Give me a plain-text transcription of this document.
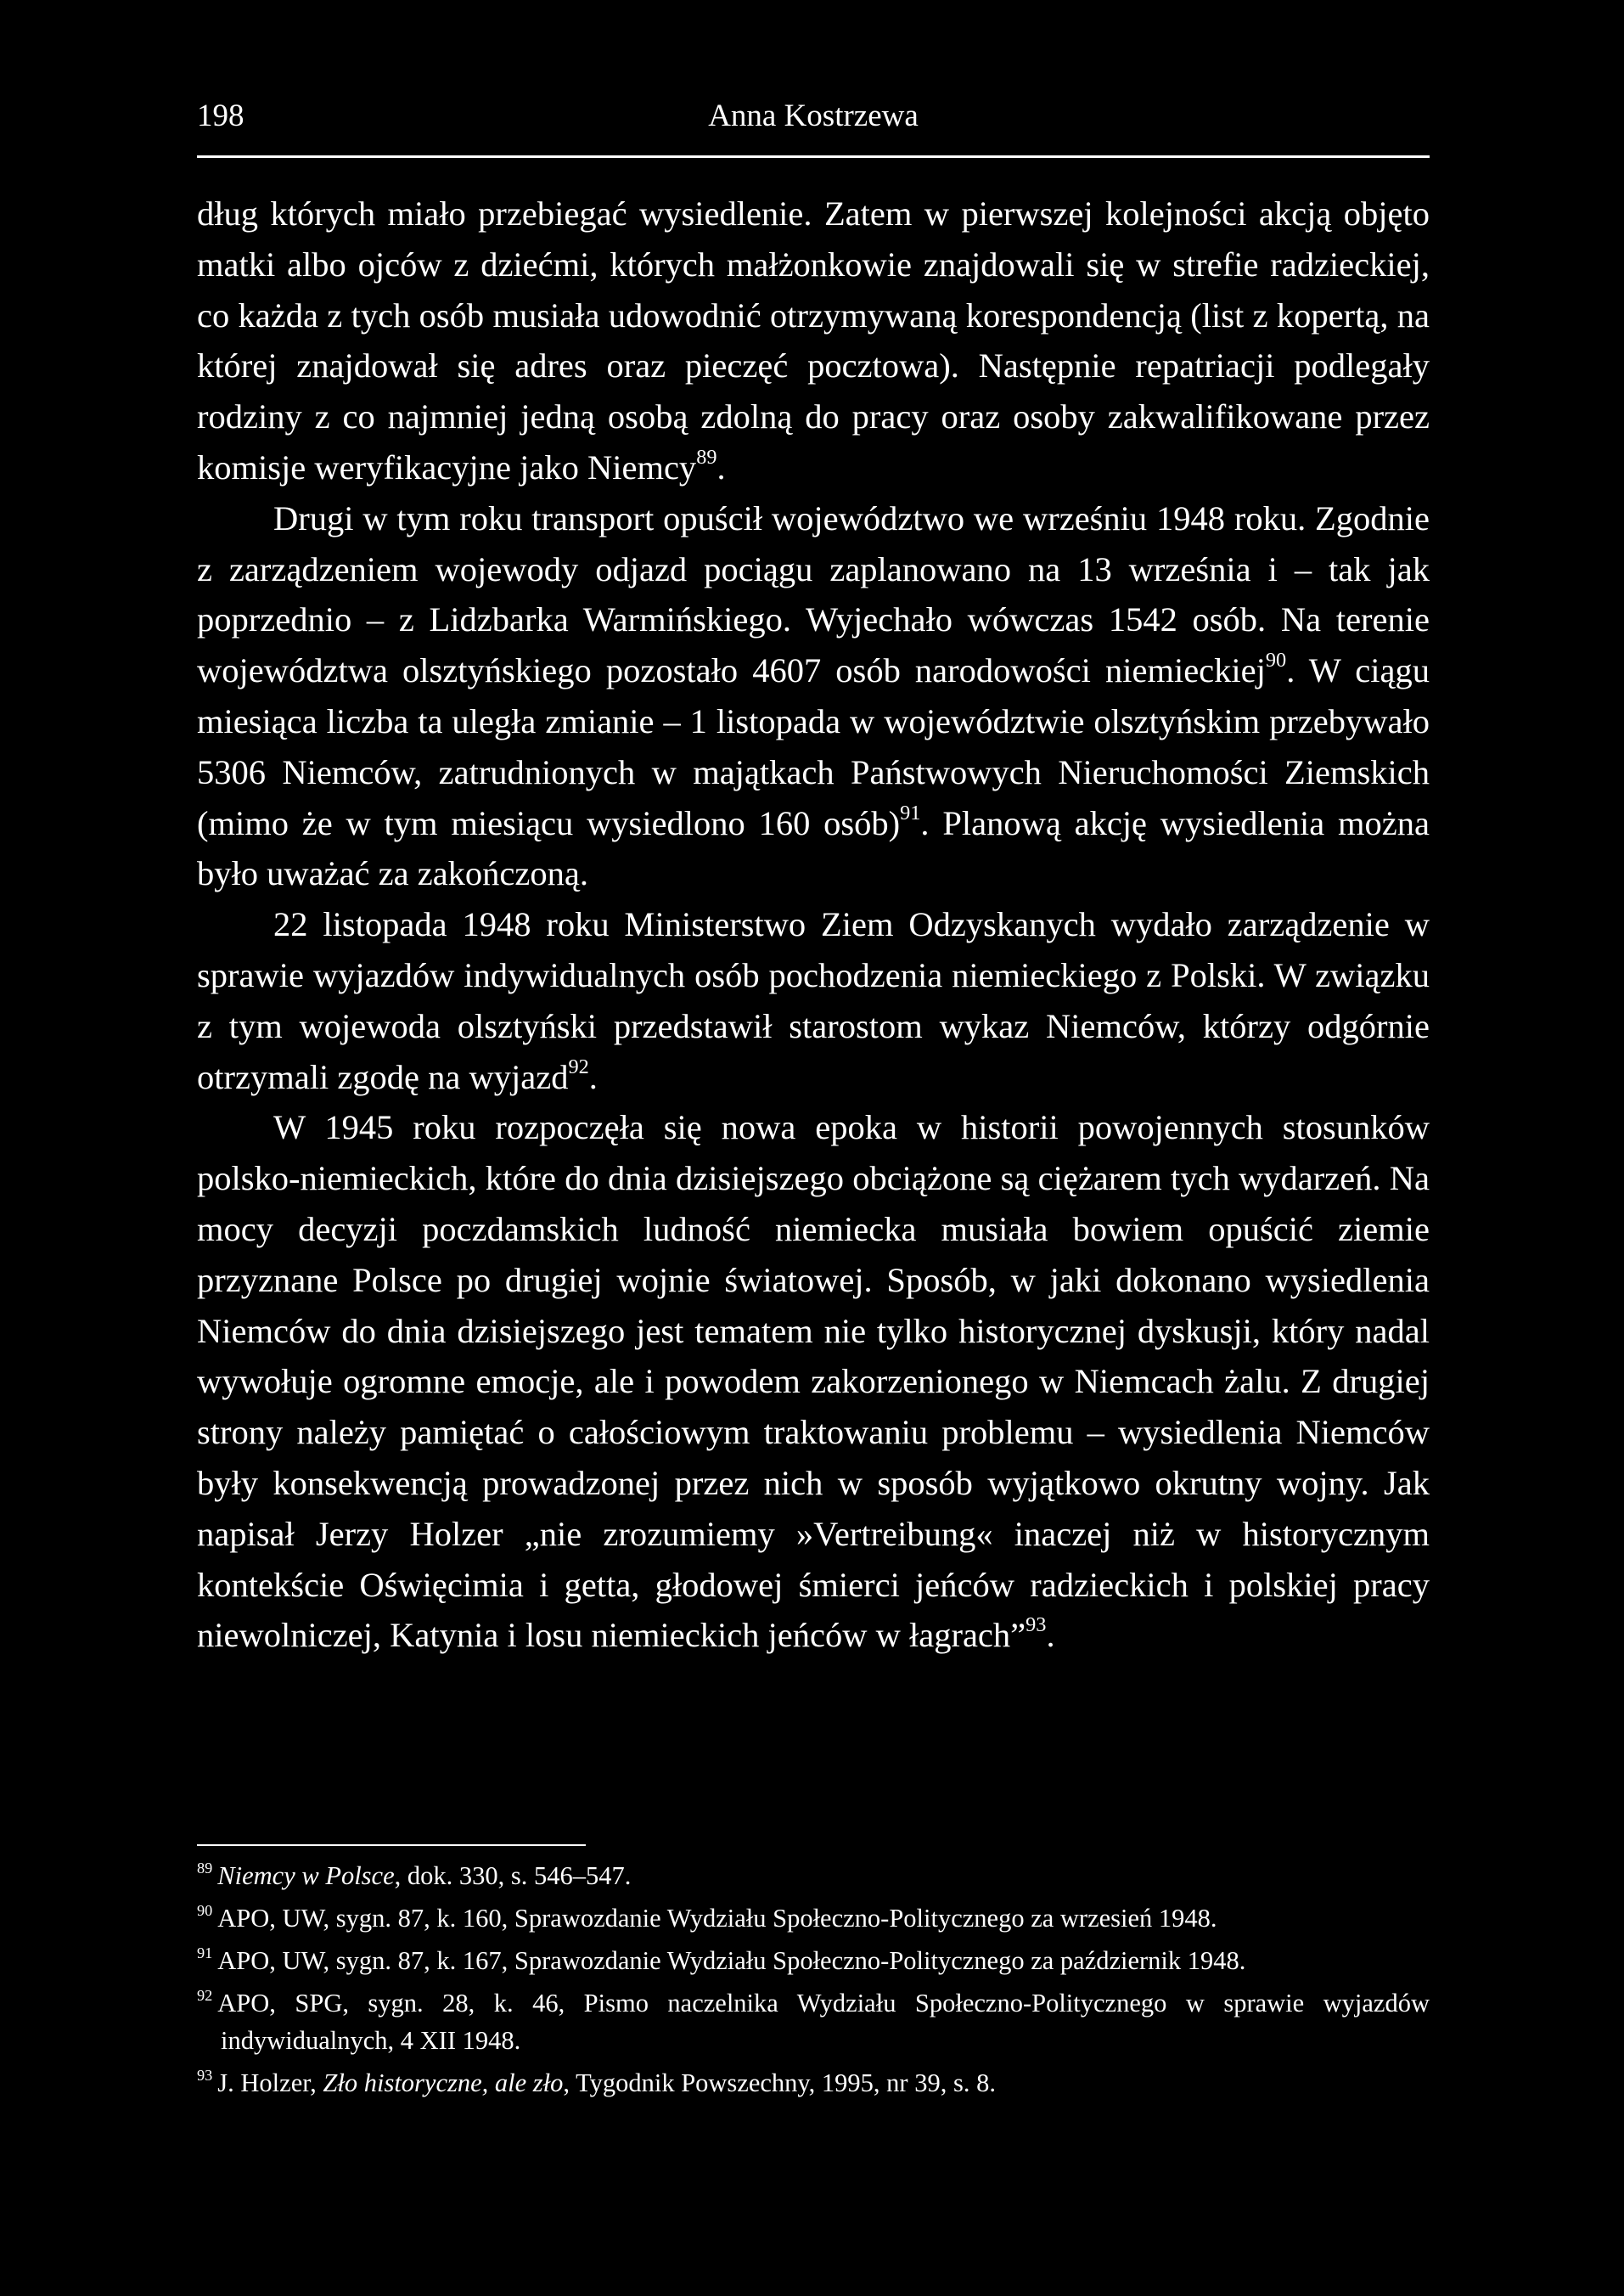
198	Anna Kostrzewa

dług których miało przebiegać wysiedlenie. Zatem w pierwszej kolejności akcją objęto matki albo ojców z dziećmi, których małżonkowie znajdowali się w strefie radzieckiej, co każda z tych osób musiała udowodnić otrzymywaną korespondencją (list z kopertą, na której znajdował się adres oraz pieczęć pocztowa). Następnie repatriacji podlegały rodziny z co najmniej jedną osobą zdolną do pracy oraz osoby zakwalifikowane przez komisje weryfikacyjne jako Niemcy$^{89}$.

Drugi w tym roku transport opuścił województwo we wrześniu 1948 roku. Zgodnie z zarządzeniem wojewody odjazd pociągu zaplanowano na 13 września i – tak jak poprzednio – z Lidzbarka Warmińskiego. Wyjechało wówczas 1542 osób. Na terenie województwa olsztyńskiego pozostało 4607 osób narodowości niemieckiej$^{90}$. W ciągu miesiąca liczba ta uległa zmianie – 1 listopada w województwie olsztyńskim przebywało 5306 Niemców, zatrudnionych w majątkach Państwowych Nieruchomości Ziemskich (mimo że w tym miesiącu wysiedlono 160 osób)$^{91}$. Planową akcję wysiedlenia można było uważać za zakończoną.

22 listopada 1948 roku Ministerstwo Ziem Odzyskanych wydało zarządzenie w sprawie wyjazdów indywidualnych osób pochodzenia niemieckiego z Polski. W związku z tym wojewoda olsztyński przedstawił starostom wykaz Niemców, którzy odgórnie otrzymali zgodę na wyjazd$^{92}$.

W 1945 roku rozpoczęła się nowa epoka w historii powojennych stosunków polsko-niemieckich, które do dnia dzisiejszego obciążone są ciężarem tych wydarzeń. Na mocy decyzji poczdamskich ludność niemiecka musiała bowiem opuścić ziemie przyznane Polsce po drugiej wojnie światowej. Sposób, w jaki dokonano wysiedlenia Niemców do dnia dzisiejszego jest tematem nie tylko historycznej dyskusji, który nadal wywołuje ogromne emocje, ale i powodem zakorzenionego w Niemcach żalu. Z drugiej strony należy pamiętać o całościowym traktowaniu problemu – wysiedlenia Niemców były konsekwencją prowadzonej przez nich w sposób wyjątkowo okrutny wojny. Jak napisał Jerzy Holzer „nie zrozumiemy »Vertreibung« inaczej niż w historycznym kontekście Oświęcimia i getta, głodowej śmierci jeńców radzieckich i polskiej pracy niewolniczej, Katynia i losu niemieckich jeńców w łagrach”$^{93}$.

$^{89}$ Niemcy w Polsce, dok. 330, s. 546–547.
$^{90}$ APO, UW, sygn. 87, k. 160, Sprawozdanie Wydziału Społeczno-Politycznego za wrzesień 1948.
$^{91}$ APO, UW, sygn. 87, k. 167, Sprawozdanie Wydziału Społeczno-Politycznego za październik 1948.
$^{92}$ APO, SPG, sygn. 28, k. 46, Pismo naczelnika Wydziału Społeczno-Politycznego w sprawie wyjazdów indywidualnych, 4 XII 1948.
$^{93}$ J. Holzer, Zło historyczne, ale zło, Tygodnik Powszechny, 1995, nr 39, s. 8.
